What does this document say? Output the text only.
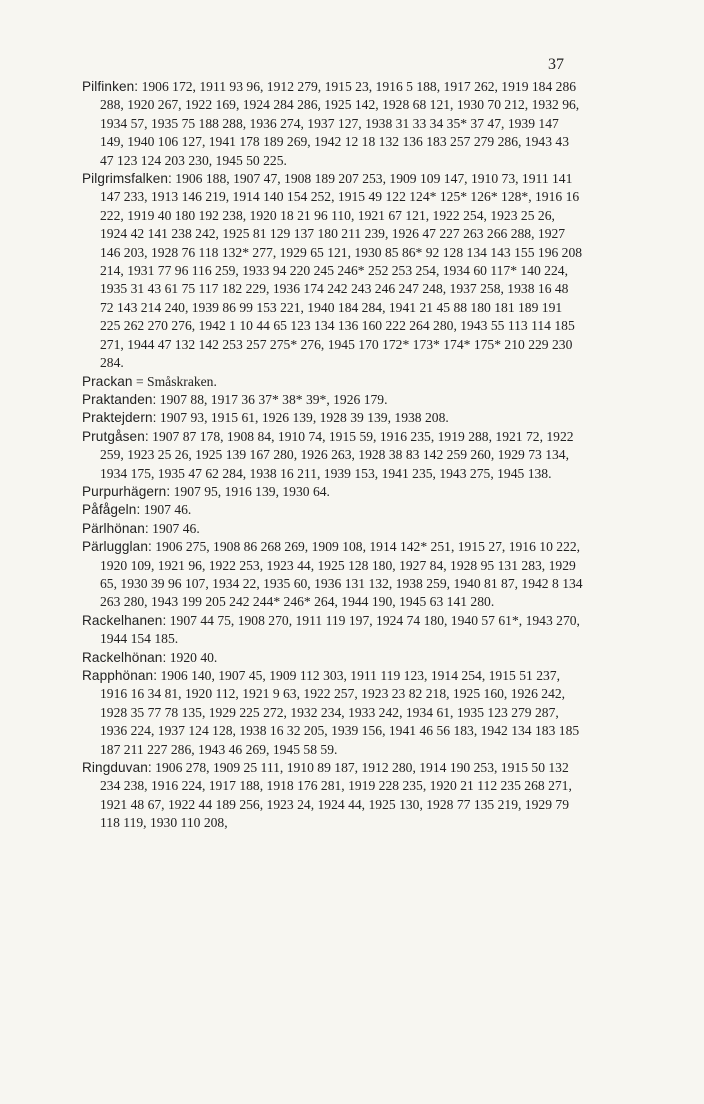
37

Pilfinken: 1906 172, 1911 93 96, 1912 279, 1915 23, 1916 5 188, 1917 262, 1919 184 286 288, 1920 267, 1922 169, 1924 284 286, 1925 142, 1928 68 121, 1930 70 212, 1932 96, 1934 57, 1935 75 188 288, 1936 274, 1937 127, 1938 31 33 34 35* 37 47, 1939 147 149, 1940 106 127, 1941 178 189 269, 1942 12 18 132 136 183 257 279 286, 1943 43 47 123 124 203 230, 1945 50 225.

Pilgrimsfalken: 1906 188, 1907 47, 1908 189 207 253, 1909 109 147, 1910 73, 1911 141 147 233, 1913 146 219, 1914 140 154 252, 1915 49 122 124* 125* 126* 128*, 1916 16 222, 1919 40 180 192 238, 1920 18 21 96 110, 1921 67 121, 1922 254, 1923 25 26, 1924 42 141 238 242, 1925 81 129 137 180 211 239, 1926 47 227 263 266 288, 1927 146 203, 1928 76 118 132* 277, 1929 65 121, 1930 85 86* 92 128 134 143 155 196 208 214, 1931 77 96 116 259, 1933 94 220 245 246* 252 253 254, 1934 60 117* 140 224, 1935 31 43 61 75 117 182 229, 1936 174 242 243 246 247 248, 1937 258, 1938 16 48 72 143 214 240, 1939 86 99 153 221, 1940 184 284, 1941 21 45 88 180 181 189 191 225 262 270 276, 1942 1 10 44 65 123 134 136 160 222 264 280, 1943 55 113 114 185 271, 1944 47 132 142 253 257 275* 276, 1945 170 172* 173* 174* 175* 210 229 230 284.

Prackan = Småskraken.

Praktanden: 1907 88, 1917 36 37* 38* 39*, 1926 179.

Praktejdern: 1907 93, 1915 61, 1926 139, 1928 39 139, 1938 208.

Prutgåsen: 1907 87 178, 1908 84, 1910 74, 1915 59, 1916 235, 1919 288, 1921 72, 1922 259, 1923 25 26, 1925 139 167 280, 1926 263, 1928 38 83 142 259 260, 1929 73 134, 1934 175, 1935 47 62 284, 1938 16 211, 1939 153, 1941 235, 1943 275, 1945 138.

Purpurhägern: 1907 95, 1916 139, 1930 64.

Påfågeln: 1907 46.

Pärlhönan: 1907 46.

Pärlugglan: 1906 275, 1908 86 268 269, 1909 108, 1914 142* 251, 1915 27, 1916 10 222, 1920 109, 1921 96, 1922 253, 1923 44, 1925 128 180, 1927 84, 1928 95 131 283, 1929 65, 1930 39 96 107, 1934 22, 1935 60, 1936 131 132, 1938 259, 1940 81 87, 1942 8 134 263 280, 1943 199 205 242 244* 246* 264, 1944 190, 1945 63 141 280.

Rackelhanen: 1907 44 75, 1908 270, 1911 119 197, 1924 74 180, 1940 57 61*, 1943 270, 1944 154 185.

Rackelhönan: 1920 40.

Rapphönan: 1906 140, 1907 45, 1909 112 303, 1911 119 123, 1914 254, 1915 51 237, 1916 16 34 81, 1920 112, 1921 9 63, 1922 257, 1923 23 82 218, 1925 160, 1926 242, 1928 35 77 78 135, 1929 225 272, 1932 234, 1933 242, 1934 61, 1935 123 279 287, 1936 224, 1937 124 128, 1938 16 32 205, 1939 156, 1941 46 56 183, 1942 134 183 185 187 211 227 286, 1943 46 269, 1945 58 59.

Ringduvan: 1906 278, 1909 25 111, 1910 89 187, 1912 280, 1914 190 253, 1915 50 132 234 238, 1916 224, 1917 188, 1918 176 281, 1919 228 235, 1920 21 112 235 268 271, 1921 48 67, 1922 44 189 256, 1923 24, 1924 44, 1925 130, 1928 77 135 219, 1929 79 118 119, 1930 110 208,
